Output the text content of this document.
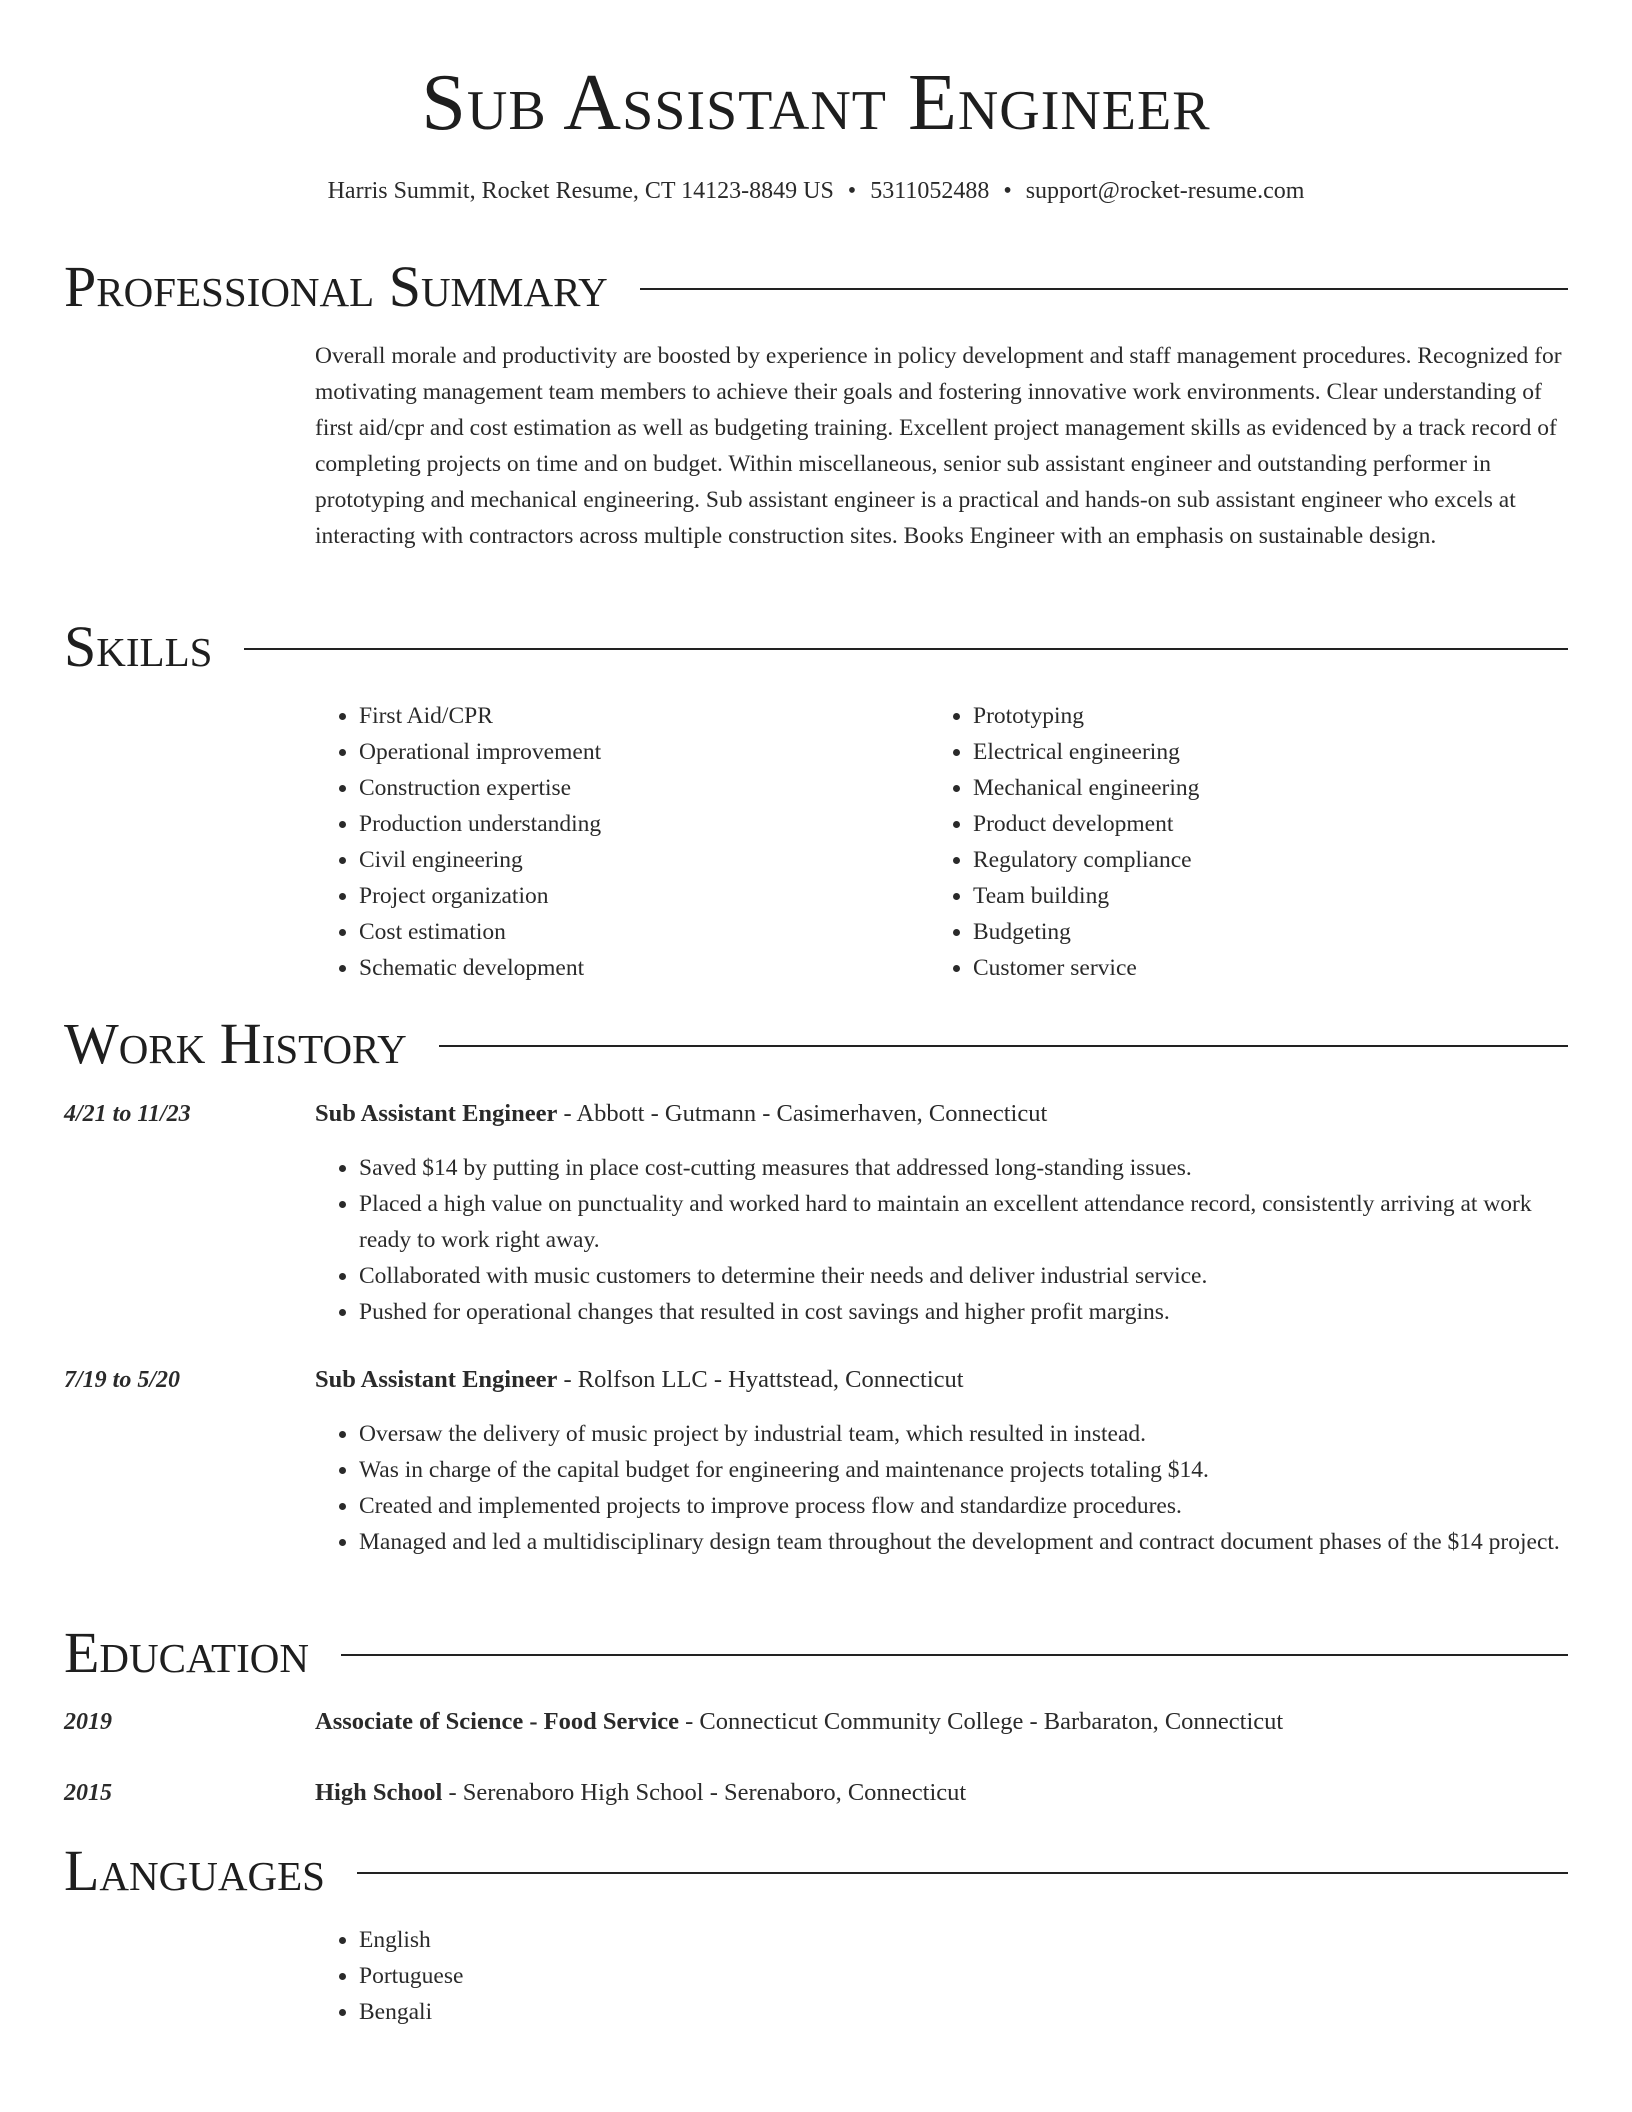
Sub Assistant Engineer
Harris Summit, Rocket Resume, CT 14123-8849 US • 5311052488 • support@rocket-resume.com
Professional Summary

Overall morale and productivity are boosted by experience in policy development and staff management procedures. Recognized for motivating management team members to achieve their goals and fostering innovative work environments. Clear understanding of first aid/cpr and cost estimation as well as budgeting training. Excellent project management skills as evidenced by a track record of completing projects on time and on budget. Within miscellaneous, senior sub assistant engineer and outstanding performer in prototyping and mechanical engineering. Sub assistant engineer is a practical and hands-on sub assistant engineer who excels at interacting with contractors across multiple construction sites. Books Engineer with an emphasis on sustainable design.

Skills
• First Aid/CPR
• Operational improvement
• Construction expertise
• Production understanding
• Civil engineering
• Project organization
• Cost estimation
• Schematic development
• Prototyping
• Electrical engineering
• Mechanical engineering
• Product development
• Regulatory compliance
• Team building
• Budgeting
• Customer service
Work History
4/21 to 11/23	Sub Assistant Engineer - Abbott - Gutmann - Casimerhaven, Connecticut
• Saved $14 by putting in place cost-cutting measures that addressed long-standing issues.
• Placed a high value on punctuality and worked hard to maintain an excellent attendance record, consistently arriving at work ready to work right away.
• Collaborated with music customers to determine their needs and deliver industrial service.
• Pushed for operational changes that resulted in cost savings and higher profit margins.
7/19 to 5/20	Sub Assistant Engineer - Rolfson LLC - Hyattstead, Connecticut
• Oversaw the delivery of music project by industrial team, which resulted in instead.
• Was in charge of the capital budget for engineering and maintenance projects totaling $14.
• Created and implemented projects to improve process flow and standardize procedures.
• Managed and led a multidisciplinary design team throughout the development and contract document phases of the $14 project.
Education
2019	Associate of Science - Food Service - Connecticut Community College - Barbaraton, Connecticut
2015	High School - Serenaboro High School - Serenaboro, Connecticut
Languages
• English
• Portuguese
• Bengali
